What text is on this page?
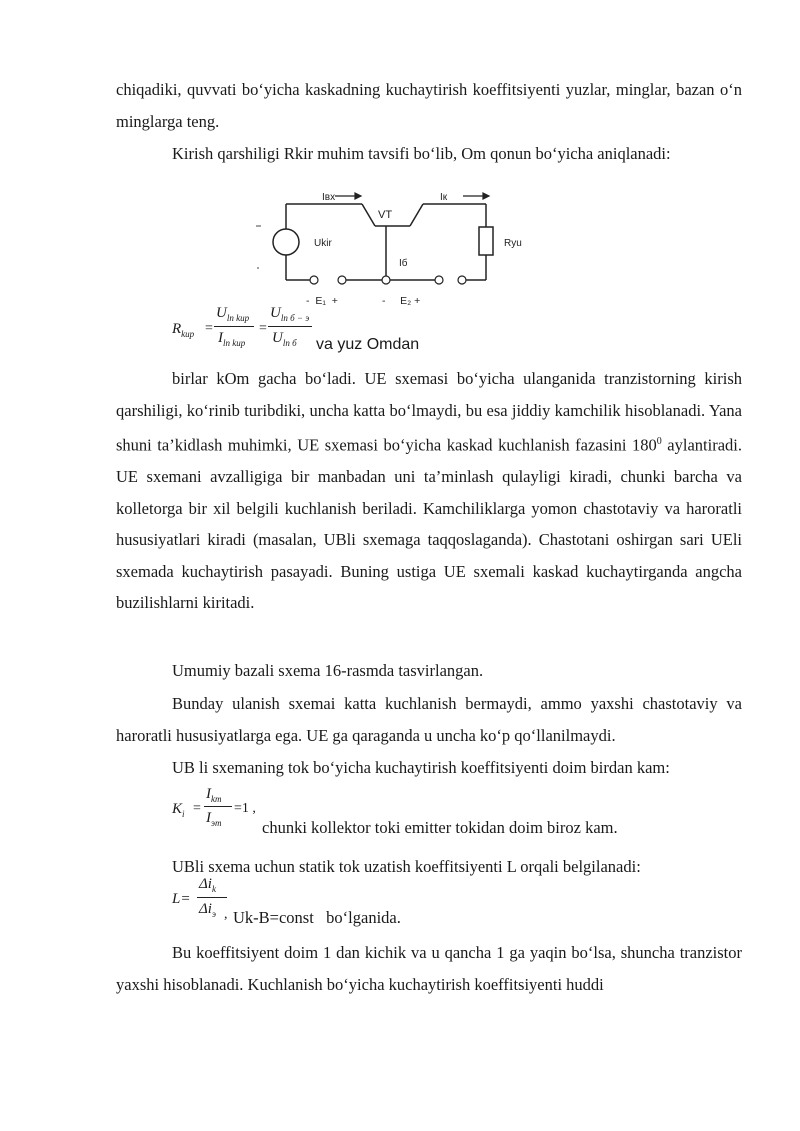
chiqadiki, quvvati bo‘yicha kaskadning kuchaytirish koeffitsiyenti yuzlar, minglar, bazan o‘n minglarga teng.

Kirish qarshiligi Rkir muhim tavsifi bo‘lib, Om qonun bo‘yicha aniqlanadi:

Iвх	Iк
VT
Ukir	Ryu
Iб
-  E₁  +	-     E₂ +
$R_{kup}$ =
$U_{ln kup}$
$I_{ln kup}$
=
$U_{ln б - э}$
$U_{ln б}$ va yuz Omdan

birlar kOm gacha bo‘ladi. UE sxemasi bo‘yicha ulanganida tranzistorning kirish qarshiligi, ko‘rinib turibdiki, uncha katta bo‘lmaydi, bu esa jiddiy kamchilik hisoblanadi. Yana shuni ta’kidlash muhimki, UE sxemasi bo‘yicha kaskad kuchlanish fazasini $180^0$ aylantiradi. UE sxemani avzalligiga bir manbadan uni ta’minlash qulayligi kiradi, chunki barcha va kolletorga bir xil belgili kuchlanish beriladi. Kamchiliklarga yomon chastotaviy va haroratli hususiyatlari kiradi (masalan, UBli sxemaga taqqoslaganda). Chastotani oshirgan sari UEli sxemada kuchaytirish pasayadi. Buning ustiga UE sxemali kaskad kuchaytirganda angcha buzilishlarni kiritadi.

Umumiy bazali sxema 16-rasmda tasvirlangan.

Bunday ulanish sxemai katta kuchlanish bermaydi, ammo yaxshi chastotaviy va haroratli hususiyatlarga ega. UE ga qaraganda u uncha ko‘p qo‘llanilmaydi.

UB li sxemaning tok bo‘yicha kuchaytirish koeffitsiyenti doim birdan kam:

$K_i$ =
$I_{km}$
$I_{эm}$
=1 ,
chunki kollektor toki emitter tokidan doim biroz kam.

UBli sxema uchun statik tok uzatish koeffitsiyenti L orqali belgilanadi:

L=
$\Delta i_k$
$\Delta i_э$ , Uk-B=const   bo‘lganida.

Bu koeffitsiyent doim 1 dan kichik va u qancha 1 ga yaqin bo‘lsa, shuncha tranzistor yaxshi hisoblanadi. Kuchlanish bo‘yicha kuchaytirish koeffitsiyenti huddi
